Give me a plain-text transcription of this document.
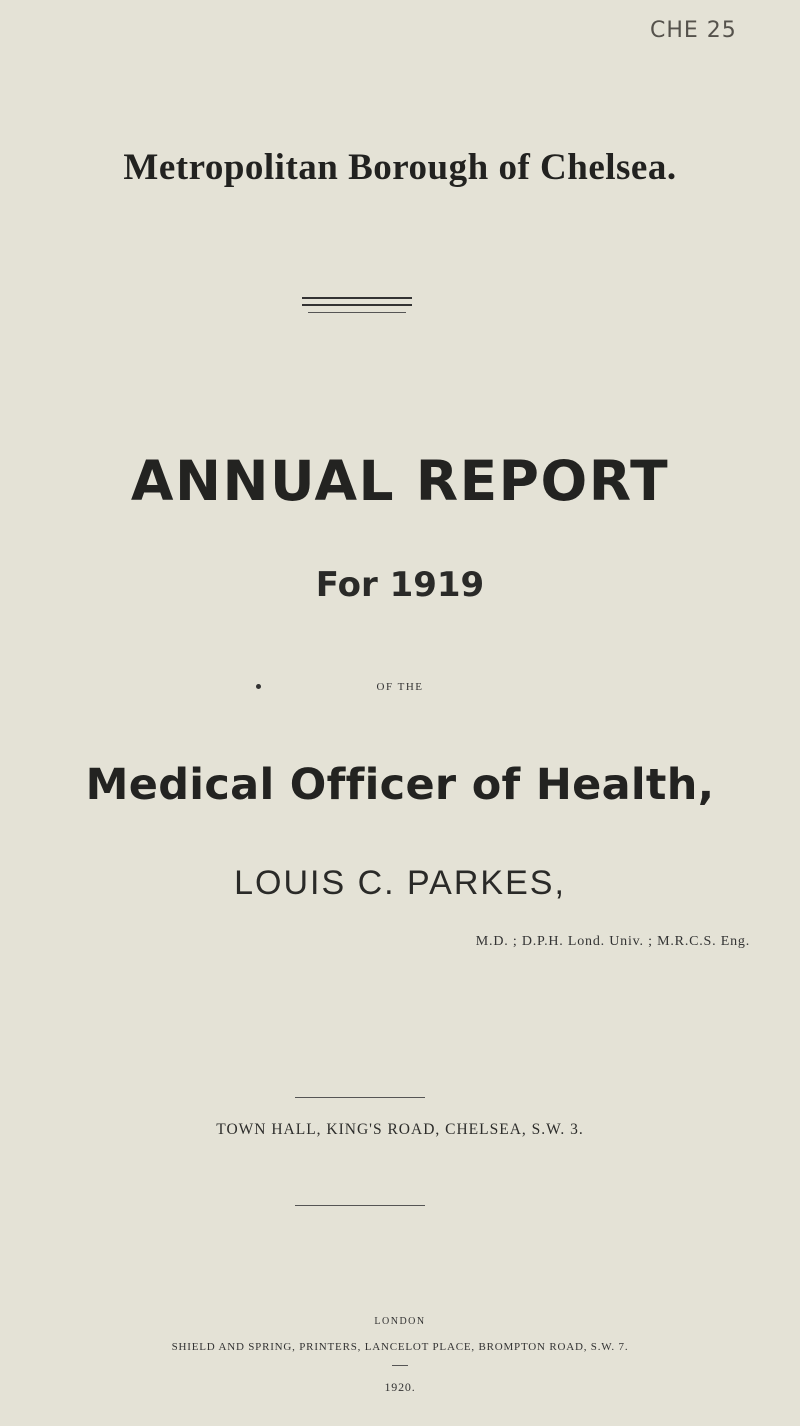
CHE 25
Metropolitan Borough of Chelsea.
ANNUAL REPORT
For 1919
OF THE
Medical Officer of Health,
LOUIS C. PARKES,
M.D. ; D.P.H. Lond. Univ. ; M.R.C.S. Eng.
TOWN HALL, KING'S ROAD, CHELSEA, S.W. 3.
LONDON
SHIELD AND SPRING, PRINTERS, LANCELOT PLACE, BROMPTON ROAD, S.W. 7.
1920.
